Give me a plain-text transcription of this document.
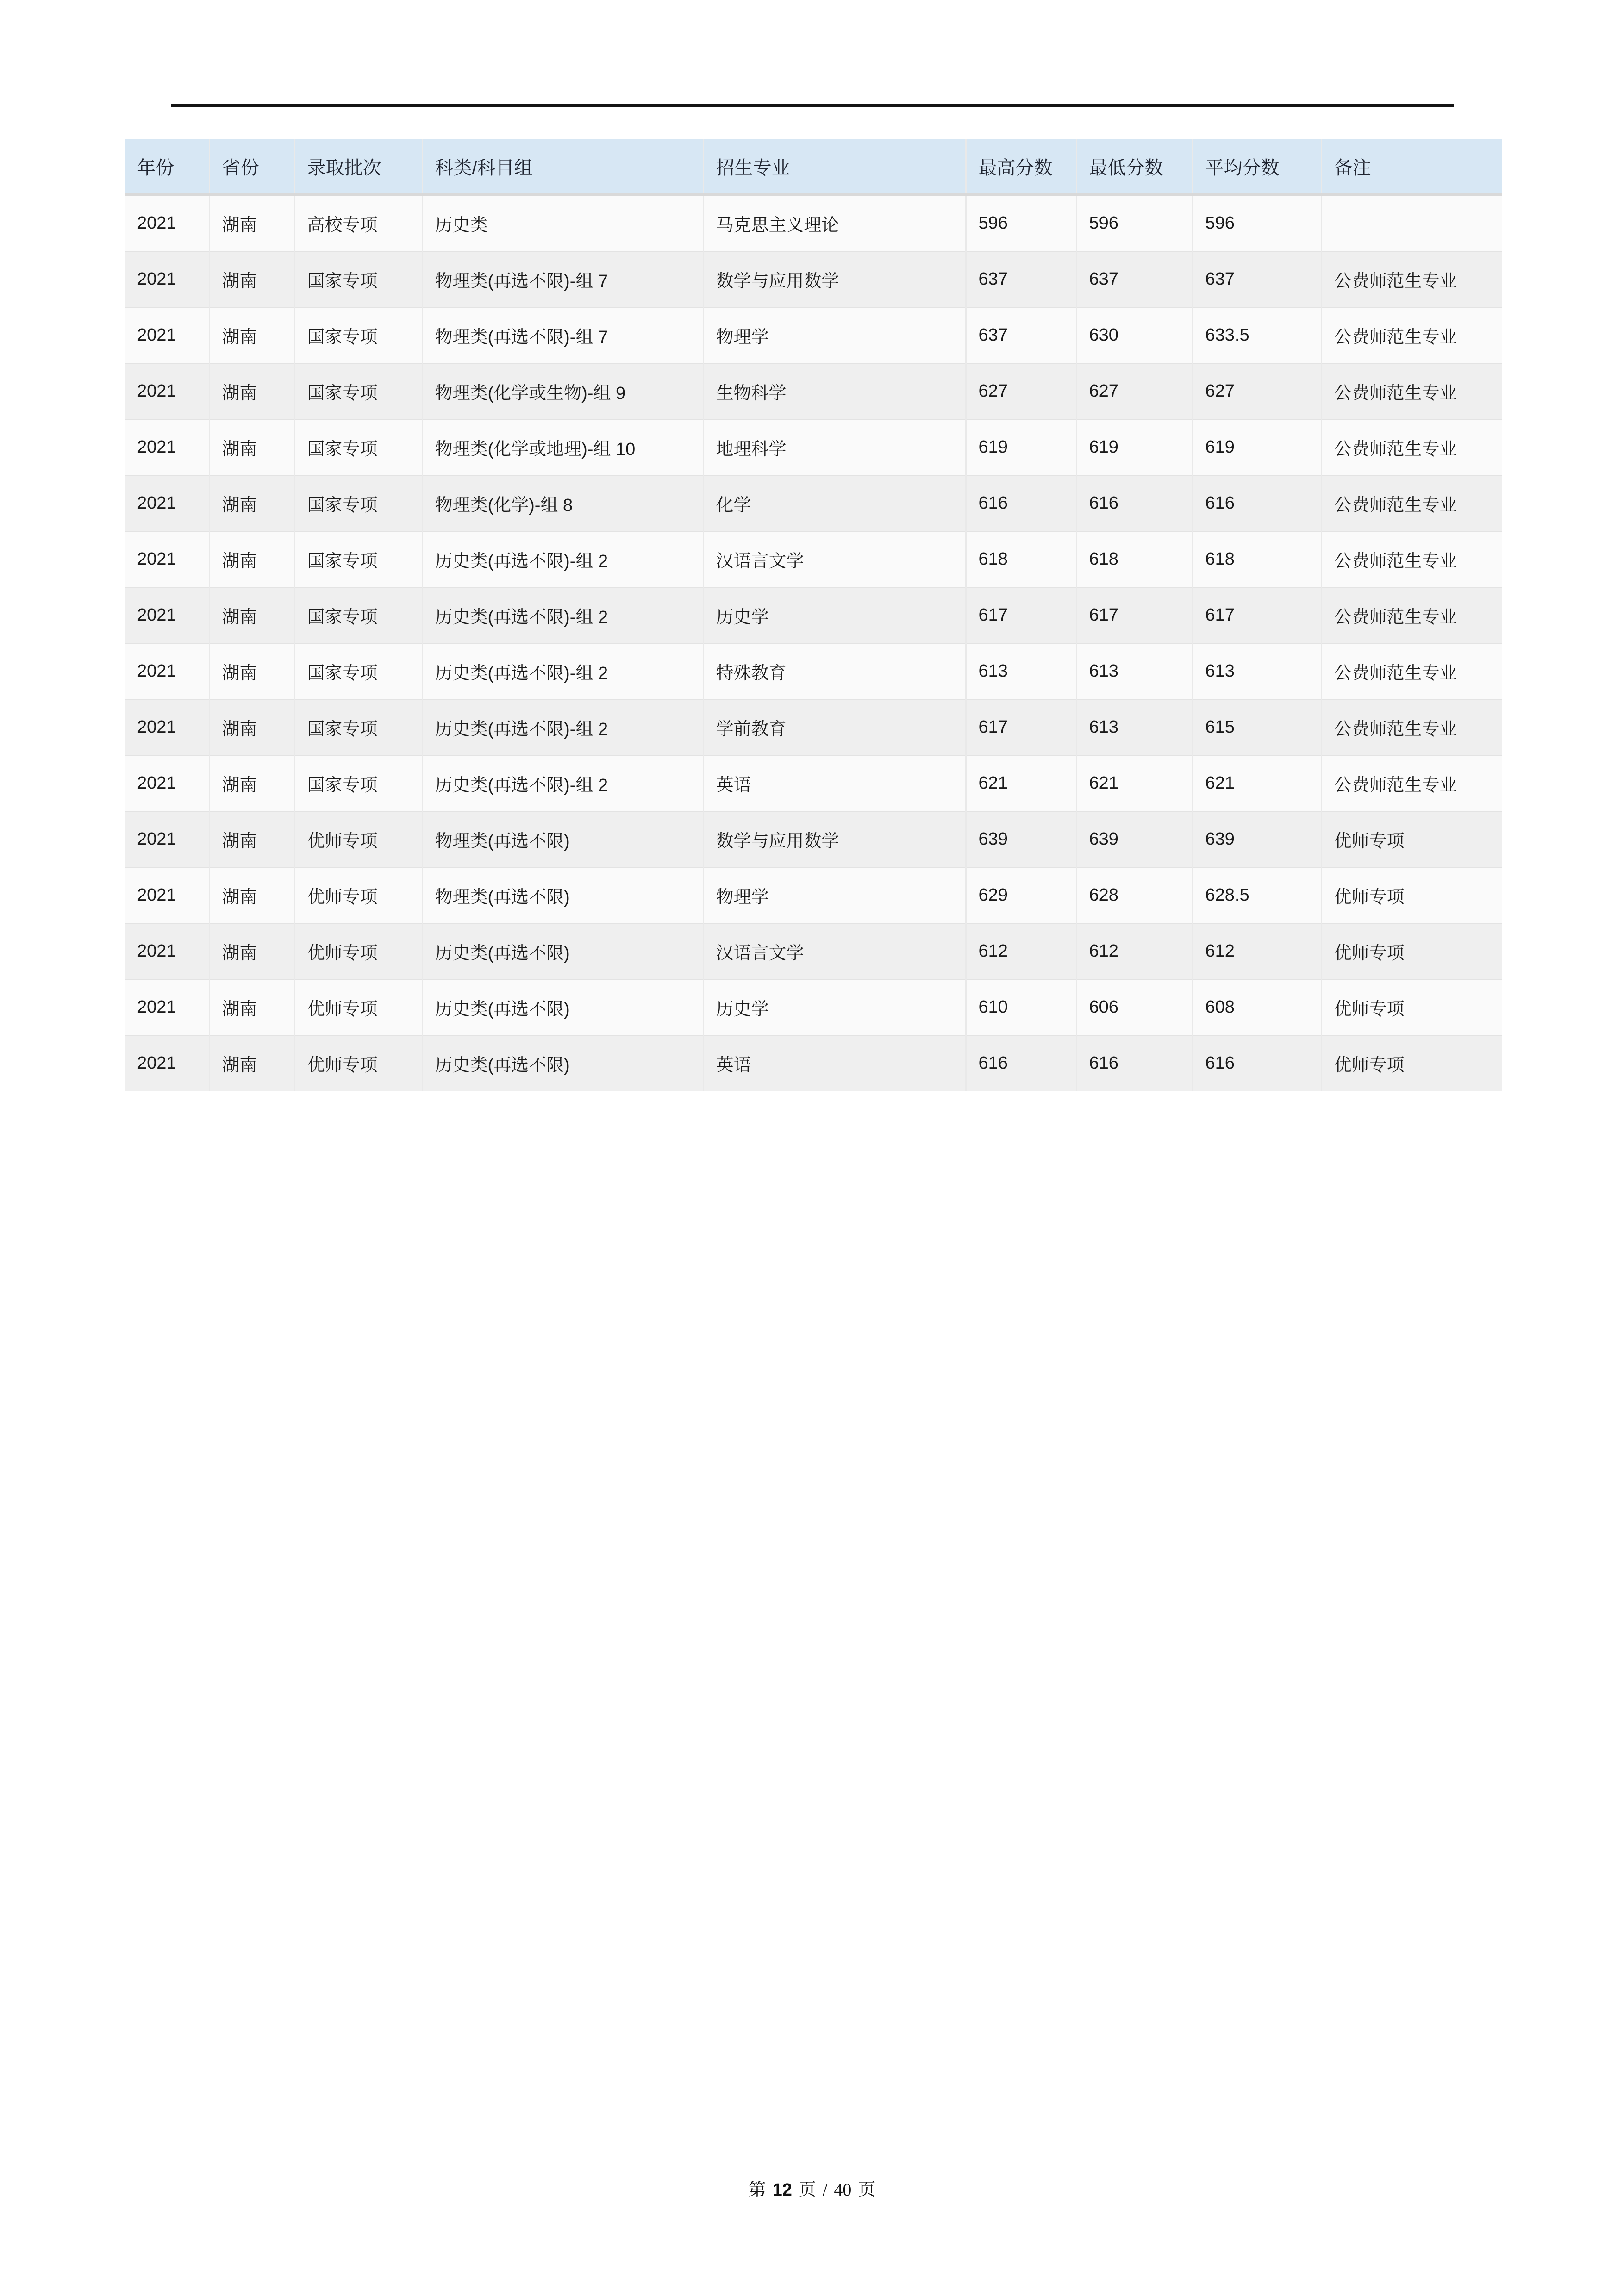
年份	省份	录取批次	科类/科目组	招生专业	最高分数	最低分数	平均分数	备注
2021	湖南	高校专项	历史类	马克思主义理论	596	596	596	
2021	湖南	国家专项	物理类(再选不限)-组 7	数学与应用数学	637	637	637	公费师范生专业
2021	湖南	国家专项	物理类(再选不限)-组 7	物理学	637	630	633.5	公费师范生专业
2021	湖南	国家专项	物理类(化学或生物)-组 9	生物科学	627	627	627	公费师范生专业
2021	湖南	国家专项	物理类(化学或地理)-组 10	地理科学	619	619	619	公费师范生专业
2021	湖南	国家专项	物理类(化学)-组 8	化学	616	616	616	公费师范生专业
2021	湖南	国家专项	历史类(再选不限)-组 2	汉语言文学	618	618	618	公费师范生专业
2021	湖南	国家专项	历史类(再选不限)-组 2	历史学	617	617	617	公费师范生专业
2021	湖南	国家专项	历史类(再选不限)-组 2	特殊教育	613	613	613	公费师范生专业
2021	湖南	国家专项	历史类(再选不限)-组 2	学前教育	617	613	615	公费师范生专业
2021	湖南	国家专项	历史类(再选不限)-组 2	英语	621	621	621	公费师范生专业
2021	湖南	优师专项	物理类(再选不限)	数学与应用数学	639	639	639	优师专项
2021	湖南	优师专项	物理类(再选不限)	物理学	629	628	628.5	优师专项
2021	湖南	优师专项	历史类(再选不限)	汉语言文学	612	612	612	优师专项
2021	湖南	优师专项	历史类(再选不限)	历史学	610	606	608	优师专项
2021	湖南	优师专项	历史类(再选不限)	英语	616	616	616	优师专项
第 12 页 / 40 页
